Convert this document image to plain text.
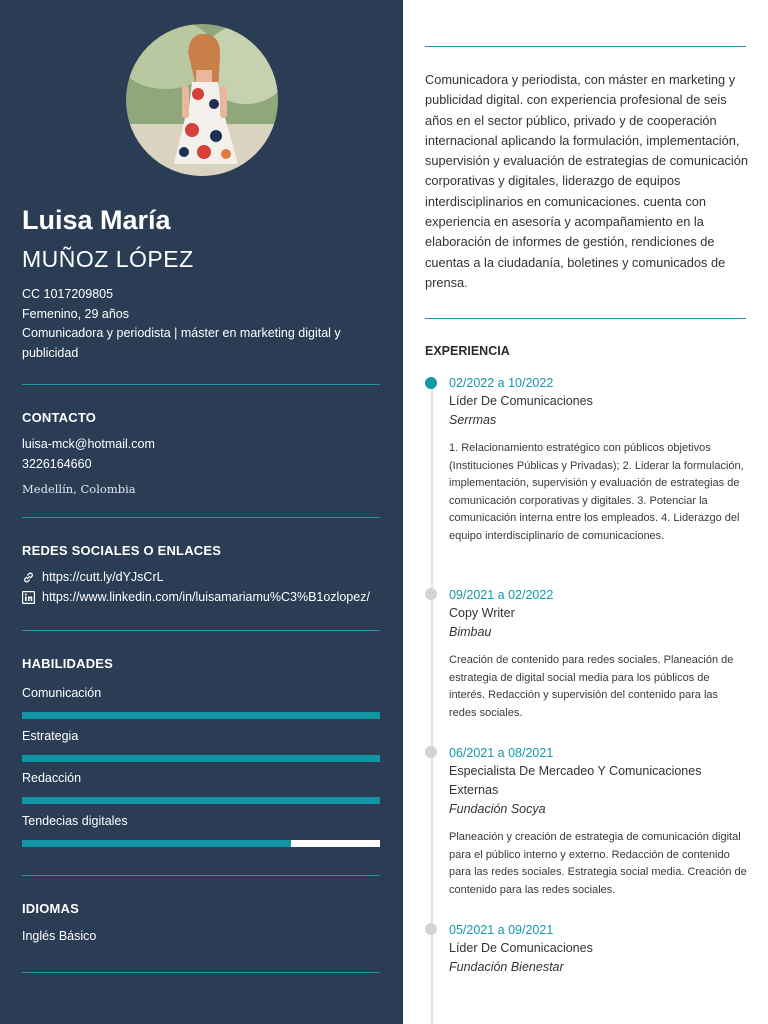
Luisa María
MUÑOZ LÓPEZ
CC 1017209805
Femenino, 29 años
Comunicadora y periodista | máster en marketing digital y publicidad
CONTACTO
luisa-mck@hotmail.com
3226164660
Medellín, Colombia
REDES SOCIALES O ENLACES
https://cutt.ly/dYJsCrL
https://www.linkedin.com/in/luisamariamu%C3%B1ozlopez/
HABILIDADES
Comunicación
Estrategia
Redacción
Tendecias digitales
IDIOMAS
Inglés Básico

Comunicadora y periodista, con máster en marketing y publicidad digital. con experiencia profesional de seis años en el sector público, privado y de cooperación internacional aplicando la formulación, implementación, supervisión y evaluación de estrategias de comunicación corporativas y digitales, liderazgo de equipos interdisciplinarios en comunicaciones. cuenta con experiencia en asesoría y acompañamiento en la elaboración de informes de gestión, rendiciones de cuentas a la ciudadanía, boletines y comunicados de prensa.

EXPERIENCIA
02/2022 a 10/2022
Líder De Comunicaciones
Serrmas
1. Relacionamiento estratégico con públicos objetivos (Instituciones Públicas y Privadas); 2. Liderar la formulación, implementación, supervisión y evaluación de estrategias de comunicación corporativas y digitales. 3. Potenciar la comunicación interna entre los empleados. 4. Liderazgo del equipo interdisciplinario de comunicaciones.
09/2021 a 02/2022
Copy Writer
Bimbau
Creación de contenido para redes sociales. Planeación de estrategia de digital social media para los públicos de interés. Redacción y supervisión del contenido para las redes sociales.
06/2021 a 08/2021
Especialista De Mercadeo Y Comunicaciones Externas
Fundación Socya
Planeación y creación de estrategia de comunicación digital para el público interno y externo. Redacción de contenido para las redes sociales. Estrategia social media. Creación de contenido para las redes sociales.
05/2021 a 09/2021
Líder De Comunicaciones
Fundación Bienestar
